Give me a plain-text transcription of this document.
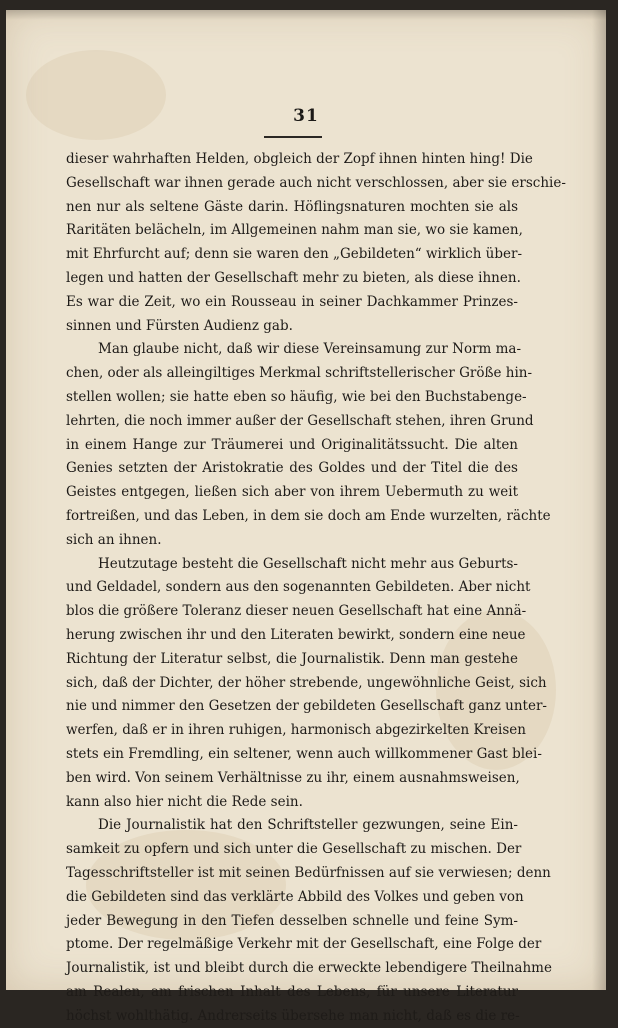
31
dieser wahrhaften Helden, obgleich der Zopf ihnen hinten hing! Die
Gesellschaft war ihnen gerade auch nicht verschlossen, aber sie erschie-
nen nur als seltene Gäste darin. Höflingsnaturen mochten sie als
Raritäten belächeln, im Allgemeinen nahm man sie, wo sie kamen,
mit Ehrfurcht auf; denn sie waren den „Gebildeten“ wirklich über-
legen und hatten der Gesellschaft mehr zu bieten, als diese ihnen.
Es war die Zeit, wo ein Rousseau in seiner Dachkammer Prinzes-
sinnen und Fürsten Audienz gab.
Man glaube nicht, daß wir diese Vereinsamung zur Norm ma-
chen, oder als alleingiltiges Merkmal schriftstellerischer Größe hin-
stellen wollen; sie hatte eben so häufig, wie bei den Buchstabenge-
lehrten, die noch immer außer der Gesellschaft stehen, ihren Grund
in einem Hange zur Träumerei und Originalitätssucht. Die alten
Genies setzten der Aristokratie des Goldes und der Titel die des
Geistes entgegen, ließen sich aber von ihrem Uebermuth zu weit
fortreißen, und das Leben, in dem sie doch am Ende wurzelten, rächte
sich an ihnen.
Heutzutage besteht die Gesellschaft nicht mehr aus Geburts-
und Geldadel, sondern aus den sogenannten Gebildeten. Aber nicht
blos die größere Toleranz dieser neuen Gesellschaft hat eine Annä-
herung zwischen ihr und den Literaten bewirkt, sondern eine neue
Richtung der Literatur selbst, die Journalistik. Denn man gestehe
sich, daß der Dichter, der höher strebende, ungewöhnliche Geist, sich
nie und nimmer den Gesetzen der gebildeten Gesellschaft ganz unter-
werfen, daß er in ihren ruhigen, harmonisch abgezirkelten Kreisen
stets ein Fremdling, ein seltener, wenn auch willkommener Gast blei-
ben wird. Von seinem Verhältnisse zu ihr, einem ausnahmsweisen,
kann also hier nicht die Rede sein.
Die Journalistik hat den Schriftsteller gezwungen, seine Ein-
samkeit zu opfern und sich unter die Gesellschaft zu mischen. Der
Tagesschriftsteller ist mit seinen Bedürfnissen auf sie verwiesen; denn
die Gebildeten sind das verklärte Abbild des Volkes und geben von
jeder Bewegung in den Tiefen desselben schnelle und feine Sym-
ptome. Der regelmäßige Verkehr mit der Gesellschaft, eine Folge der
Journalistik, ist und bleibt durch die erweckte lebendigere Theilnahme
am Realen, am frischen Inhalt des Lebens, für unsere Literatur
höchst wohlthätig. Andrerseits übersehe man nicht, daß es die re-
